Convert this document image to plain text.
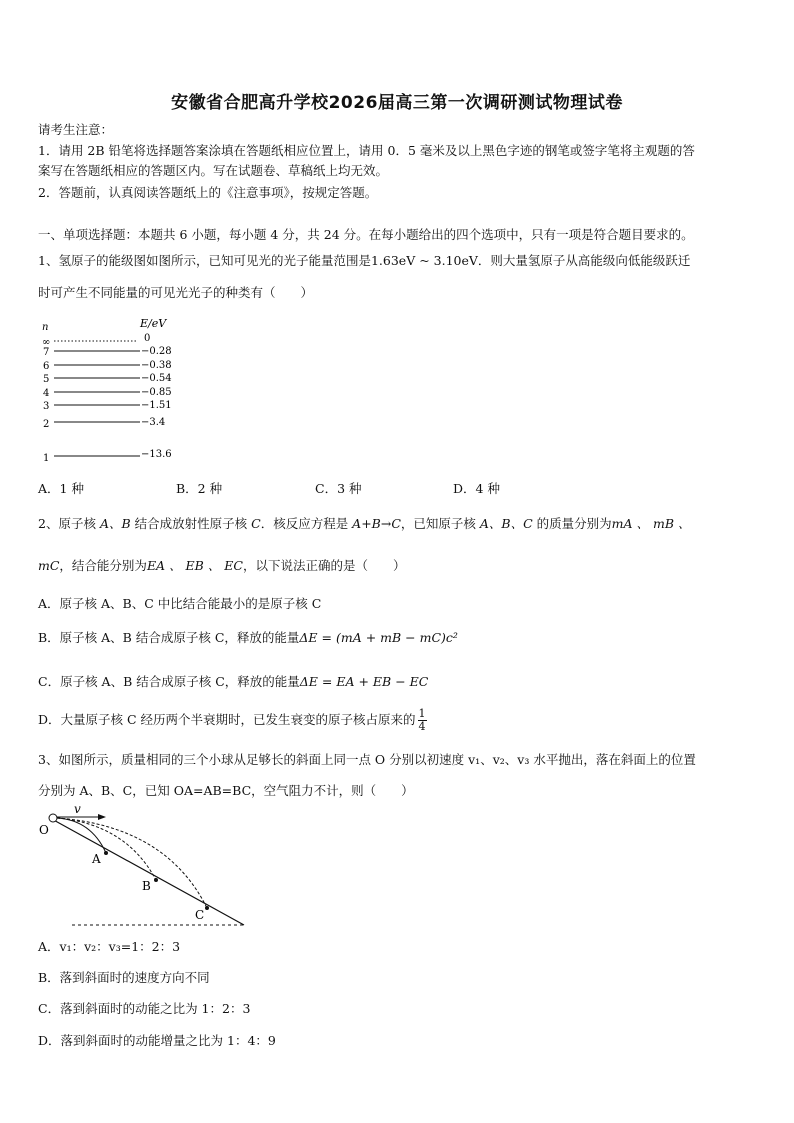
安徽省合肥高升学校2026届高三第一次调研测试物理试卷
请考生注意：
1．请用 2B 铅笔将选择题答案涂填在答题纸相应位置上，请用 0．5 毫米及以上黑色字迹的钢笔或签字笔将主观题的答
案写在答题纸相应的答题区内。写在试题卷、草稿纸上均无效。
2．答题前，认真阅读答题纸上的《注意事项》，按规定答题。
一、单项选择题：本题共 6 小题，每小题 4 分，共 24 分。在每小题给出的四个选项中，只有一项是符合题目要求的。
1、氢原子的能级图如图所示，已知可见光的光子能量范围是1.63eV ~ 3.10eV．则大量氢原子从高能级向低能级跃迁
时可产生不同能量的可见光光子的种类有（　　）
n	E/eV
∞	0
7	−0.28
6	−0.38
5	−0.54
4	−0.85
3	−1.51
2	−3.4
1	−13.6
A．1 种	B．2 种	C．3 种	D．4 种
2、原子核 A、B 结合成放射性原子核 C．核反应方程是 A+B→C，已知原子核 A、B、C 的质量分别为mA 、 mB 、
mC，结合能分别为EA 、 EB 、 EC，以下说法正确的是（　　）
A．原子核 A、B、C 中比结合能最小的是原子核 C
B．原子核 A、B 结合成原子核 C，释放的能量ΔE = (mA + mB − mC)c²
C．原子核 A、B 结合成原子核 C，释放的能量ΔE = EA + EB − EC
D．大量原子核 C 经历两个半衰期时，已发生衰变的原子核占原来的 $\frac{1}{4}$
3、如图所示，质量相同的三个小球从足够长的斜面上同一点 O 分别以初速度 v₁、v₂、v₃ 水平抛出，落在斜面上的位置
分别为 A、B、C，已知 OA=AB=BC，空气阻力不计，则（　　）
v
O
A
B
C
A．v₁：v₂：v₃=1：2：3
B．落到斜面时的速度方向不同
C．落到斜面时的动能之比为 1：2：3
D．落到斜面时的动能增量之比为 1：4：9
